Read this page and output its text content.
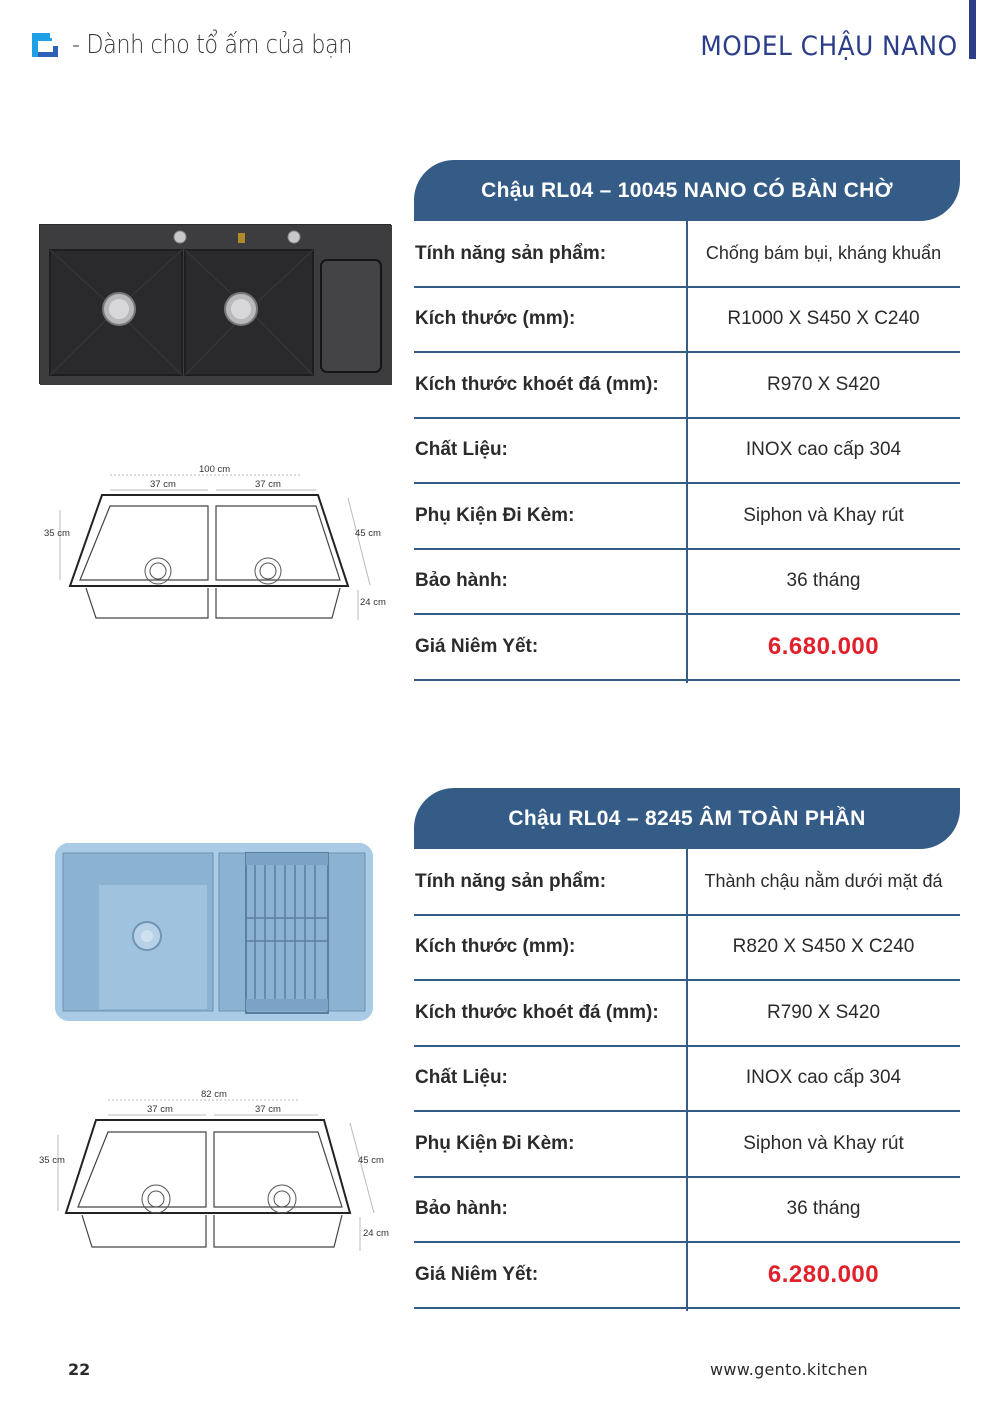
- Dành cho tổ ấm của bạn	MODEL CHẬU NANO
100 cm
37 cm	37 cm
35 cm	45 cm
24 cm
Chậu RL04 – 10045 NANO CÓ BÀN CHỜ
Tính năng sản phẩm:	Chống bám bụi, kháng khuẩn
Kích thước (mm):	R1000 X S450 X C240
Kích thước khoét đá (mm):	R970 X S420
Chất Liệu:	INOX cao cấp 304
Phụ Kiện Đi Kèm:	Siphon và Khay rút
Bảo hành:	36 tháng
Giá Niêm Yết:	6.680.000
82 cm
37 cm	37 cm
35 cm	45 cm
24 cm
Chậu RL04 – 8245 ÂM TOÀN PHẦN
Tính năng sản phẩm:	Thành chậu nằm dưới mặt đá
Kích thước (mm):	R820 X S450 X C240
Kích thước khoét đá (mm):	R790 X S420
Chất Liệu:	INOX cao cấp 304
Phụ Kiện Đi Kèm:	Siphon và Khay rút
Bảo hành:	36 tháng
Giá Niêm Yết:	6.280.000
22	www.gento.kitchen
